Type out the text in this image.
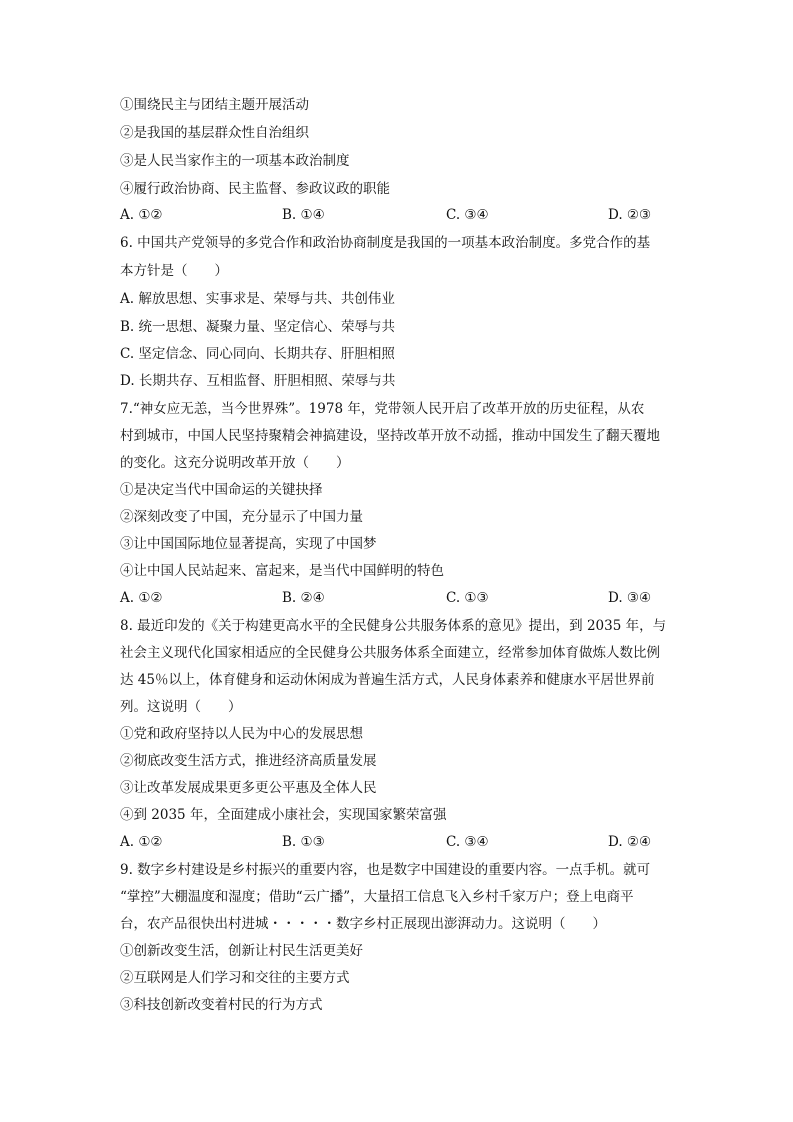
①围绕民主与团结主题开展活动
②是我国的基层群众性自治组织
③是人民当家作主的一项基本政治制度
④履行政治协商、民主监督、参政议政的职能
A. ①②	B. ①④	C. ③④	D. ②③
6. 中国共产党领导的多党合作和政治协商制度是我国的一项基本政治制度。多党合作的基
本方针是（　　）
A. 解放思想、实事求是、荣辱与共、共创伟业
B. 统一思想、凝聚力量、坚定信心、荣辱与共
C. 坚定信念、同心同向、长期共存、肝胆相照
D. 长期共存、互相监督、肝胆相照、荣辱与共
7.“神女应无恙，当今世界殊”。1978 年，党带领人民开启了改革开放的历史征程，从农
村到城市，中国人民坚持聚精会神搞建设，坚持改革开放不动摇，推动中国发生了翻天覆地
的变化。这充分说明改革开放（　　）
①是决定当代中国命运的关键抉择
②深刻改变了中国，充分显示了中国力量
③让中国国际地位显著提高，实现了中国梦
④让中国人民站起来、富起来，是当代中国鲜明的特色
A. ①②	B. ②④	C. ①③	D. ③④
8. 最近印发的《关于构建更高水平的全民健身公共服务体系的意见》提出，到 2035 年，与
社会主义现代化国家相适应的全民健身公共服务体系全面建立，经常参加体育做炼人数比例
达 45％以上，体育健身和运动休闲成为普遍生活方式，人民身体素养和健康水平居世界前
列。这说明（　　）
①党和政府坚持以人民为中心的发展思想
②彻底改变生活方式，推进经济高质量发展
③让改革发展成果更多更公平惠及全体人民
④到 2035 年，全面建成小康社会，实现国家繁荣富强
A. ①②	B. ①③	C. ③④	D. ②④
9. 数字乡村建设是乡村振兴的重要内容，也是数字中国建设的重要内容。一点手机。就可
“掌控”大棚温度和湿度；借助“云广播”，大量招工信息飞入乡村千家万户；登上电商平
台，农产品很快出村进城・・・・・数字乡村正展现出澎湃动力。这说明（　　）
①创新改变生活，创新让村民生活更美好
②互联网是人们学习和交往的主要方式
③科技创新改变着村民的行为方式
